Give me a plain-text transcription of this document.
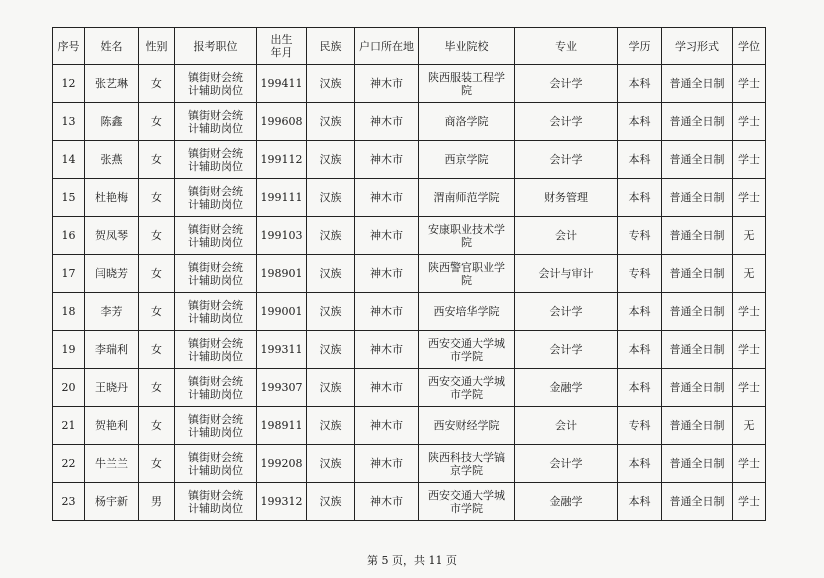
序号	姓名	性别	报考职位	出生年月	民族	户口所在地	毕业院校	专业	学历	学习形式	学位
12	张艺琳	女	镇街财会统计辅助岗位	199411	汉族	神木市	陕西服装工程学院	会计学	本科	普通全日制	学士
13	陈鑫	女	镇街财会统计辅助岗位	199608	汉族	神木市	商洛学院	会计学	本科	普通全日制	学士
14	张燕	女	镇街财会统计辅助岗位	199112	汉族	神木市	西京学院	会计学	本科	普通全日制	学士
15	杜艳梅	女	镇街财会统计辅助岗位	199111	汉族	神木市	渭南师范学院	财务管理	本科	普通全日制	学士
16	贺凤琴	女	镇街财会统计辅助岗位	199103	汉族	神木市	安康职业技术学院	会计	专科	普通全日制	无
17	闫晓芳	女	镇街财会统计辅助岗位	198901	汉族	神木市	陕西警官职业学院	会计与审计	专科	普通全日制	无
18	李芳	女	镇街财会统计辅助岗位	199001	汉族	神木市	西安培华学院	会计学	本科	普通全日制	学士
19	李瑞利	女	镇街财会统计辅助岗位	199311	汉族	神木市	西安交通大学城市学院	会计学	本科	普通全日制	学士
20	王晓丹	女	镇街财会统计辅助岗位	199307	汉族	神木市	西安交通大学城市学院	金融学	本科	普通全日制	学士
21	贺艳利	女	镇街财会统计辅助岗位	198911	汉族	神木市	西安财经学院	会计	专科	普通全日制	无
22	牛兰兰	女	镇街财会统计辅助岗位	199208	汉族	神木市	陕西科技大学镐京学院	会计学	本科	普通全日制	学士
23	杨宇新	男	镇街财会统计辅助岗位	199312	汉族	神木市	西安交通大学城市学院	金融学	本科	普通全日制	学士
第 5 页，共 11 页
